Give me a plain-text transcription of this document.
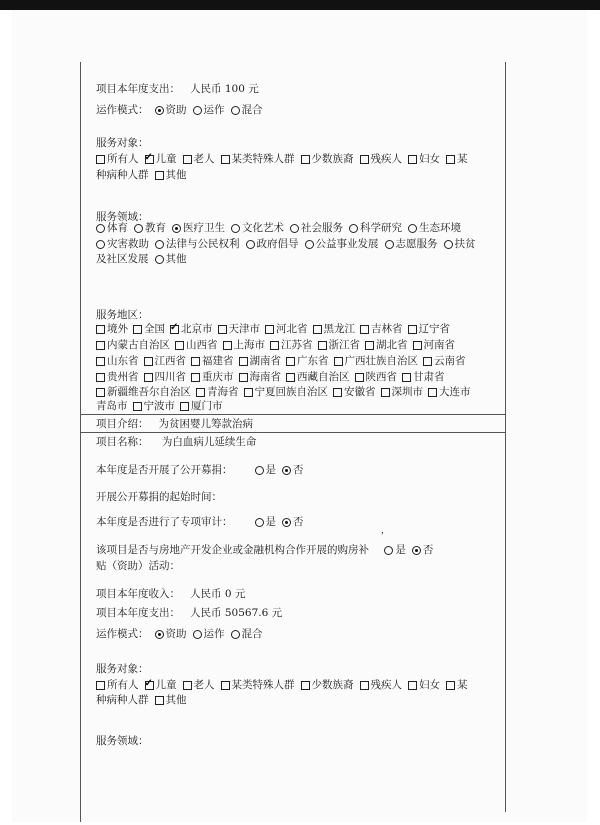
项目本年度支出： 人民币 100 元
运作模式： 资助 运作 混合
服务对象：
所有人 ✓ 儿童 老人 某类特殊人群 少数族裔 残疾人 妇女 某
种病种人群 其他
服务领域：
体育 教育 医疗卫生 文化艺术 社会服务 科学研究 生态环境
灾害救助 法律与公民权利 政府倡导 公益事业发展 志愿服务 扶贫
及社区发展 其他
服务地区：
境外 全国 ✓ 北京市 天津市 河北省 黑龙江 吉林省 辽宁省
内蒙古自治区 山西省 上海市 江苏省 浙江省 湖北省 河南省
山东省 江西省 福建省 湖南省 广东省 广西壮族自治区 云南省
贵州省 四川省 重庆市 海南省 西藏自治区 陕西省 甘肃省
新疆维吾尔自治区 青海省 宁夏回族自治区 安徽省 深圳市 大连市
青岛市 宁波市 厦门市
项目介绍： 为贫困婴儿筹款治病
项目名称： 为白血病儿延续生命
本年度是否开展了公开募捐：
	是 否
开展公开募捐的起始时间：
本年度是否进行了专项审计：
	是 否
，
该项目是否与房地产开发企业或金融机构合作开展的购房补
	是 否
贴（资助）活动：
项目本年度收入： 人民币 0 元
项目本年度支出： 人民币 50567.6 元
运作模式： 资助 运作 混合
服务对象：
所有人 ✓ 儿童 老人 某类特殊人群 少数族裔 残疾人 妇女 某
种病种人群 其他
服务领域：
